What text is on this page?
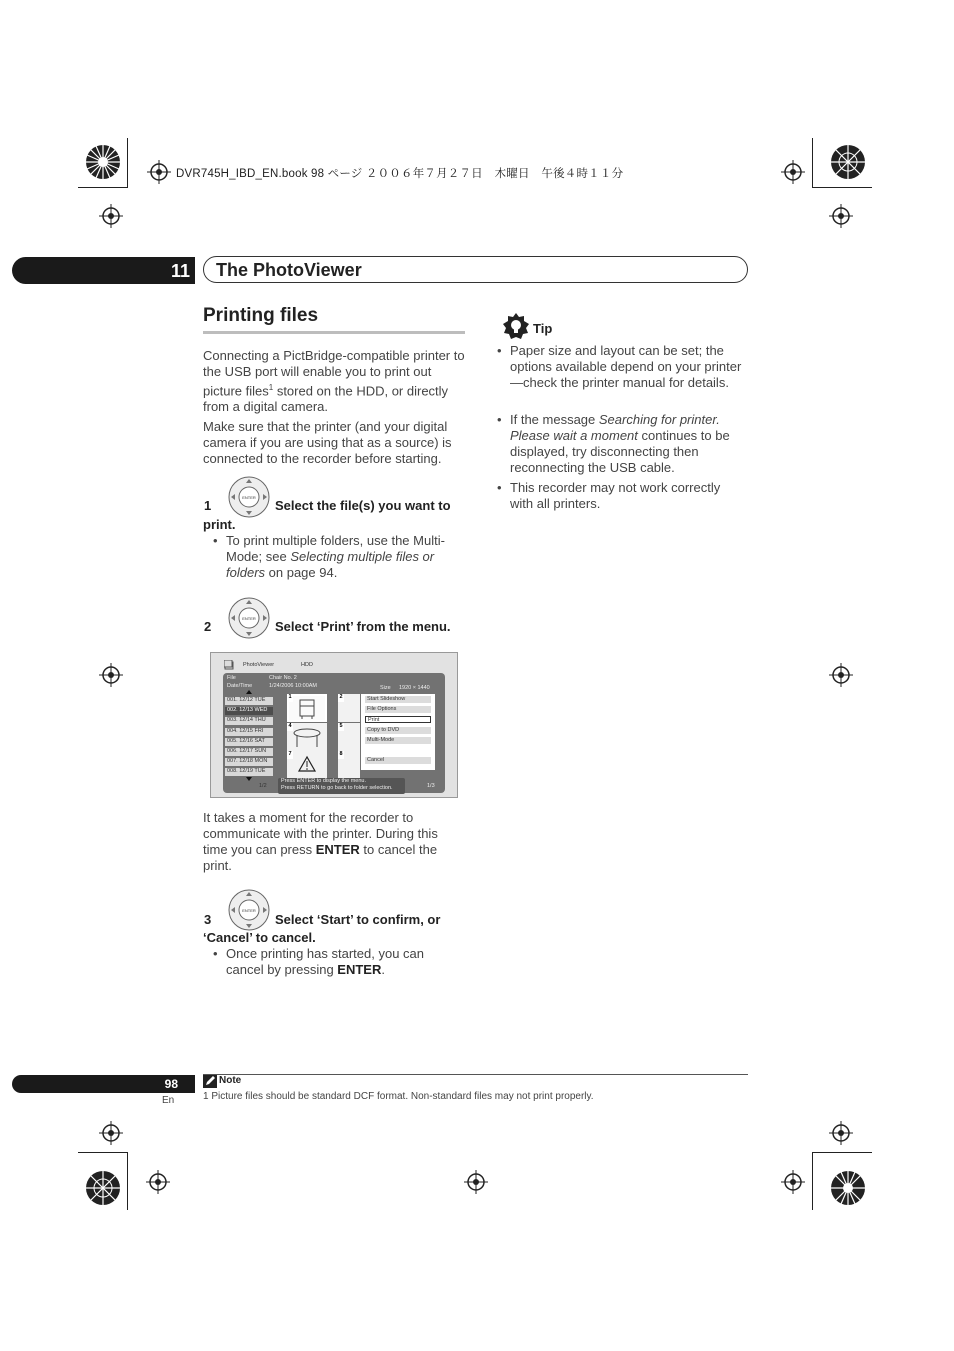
DVR745H_IBD_EN.book 98 ページ ２００６年７月２７日　木曜日　午後４時１１分
11 The PhotoViewer
Printing files
Connecting a PictBridge-compatible printer to the USB port will enable you to print out picture files$^1$ stored on the HDD, or directly from a digital camera.
Make sure that the printer (and your digital camera if you are using that as a source) is connected to the recorder before starting.
ENTER
1	Select the file(s) you want to
print.
• To print multiple folders, use the Multi-Mode; see Selecting multiple files or folders on page 94.
ENTER
2	Select ‘Print’ from the menu.
PhotoViewer	HDD
File	Chair No. 2
Date/Time	1/24/2006 10:00AM	Size 1920 × 1440
001. 12/12 TUE
002. 12/13 WED
003. 12/14 THU
004. 12/15 FRI
005. 12/16 SAT
006. 12/17 SUN
007. 12/18 MON
008. 12/19 TUE
1/2
1	2
4	5
7	8
Start Slideshow
File Options
Print
Copy to DVD
Multi-Mode
Cancel
Press ENTER to display the menu.
Press RETURN to go back to folder selection.	1/3
It takes a moment for the recorder to communicate with the printer. During this time you can press ENTER to cancel the print.
ENTER
3	Select ‘Start’ to confirm, or
‘Cancel’ to cancel.
• Once printing has started, you can cancel by pressing ENTER.
Tip
• Paper size and layout can be set; the options available depend on your printer—check the printer manual for details.
• If the message Searching for printer. Please wait a moment continues to be displayed, try disconnecting then reconnecting the USB cable.
• This recorder may not work correctly with all printers.
Note
1 Picture files should be standard DCF format. Non-standard files may not print properly.
98
En
